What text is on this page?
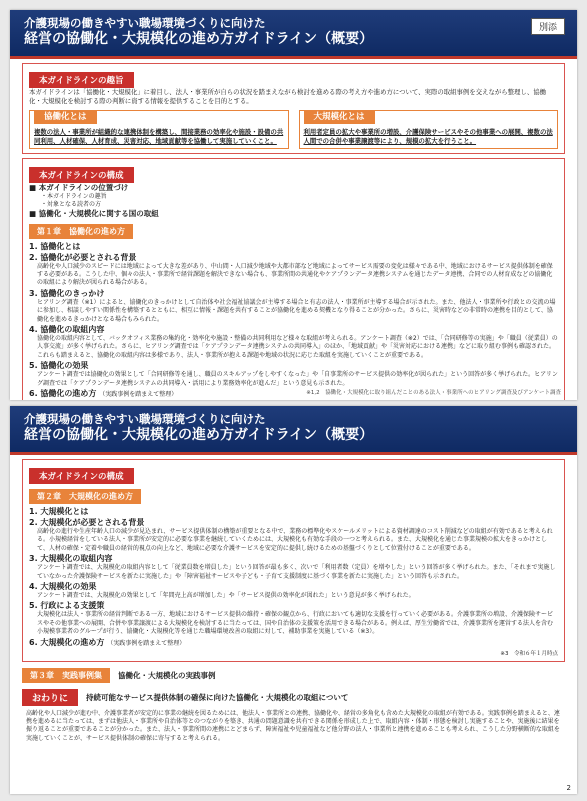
介護現場の働きやすい職場環境づくりに向けた
経営の協働化・大規模化の進め方ガイドライン（概要）
別添
本ガイドラインの趣旨
本ガイドラインは「協働化・大規模化」に着目し、法人・事業所が自らの状況を踏まえながら検討を進める際の考え方や進め方について、実際の取組事例を交えながら整理し、協働化・大規模化を検討する際の判断に資する情報を提供することを目的とする。
協働化とは
複数の法人・事業所が組織的な連携体制を構築し、間接業務の効率化や施設・設備の共同利用、人材確保、人材育成、災害対応、地域貢献等を協働して実施していくこと。
大規模化とは
利用者定員の拡大や事業所の増設、介護保険サービスやその他事業への展開、複数の法人間での合併や事業譲渡等により、規模の拡大を行うこと。
本ガイドラインの構成
■ 本ガイドラインの位置づけ
・本ガイドラインの趣旨
・対象となる読者の方
■ 協働化・大規模化に関する国の取組
第１章　協働化の進め方
1. 協働化とは
2. 協働化が必要とされる背景
高齢化や人口減少のスピードには地域によって大きな差があり、中山間・人口減少地域や大都市部など地域によってサービス需要の変化は様々である中、地域におけるサービス提供体制を確保する必要がある。こうした中、個々の法人・事業所で経営課題を解決できない場合も、事業所間の共通化やケアプランデータ連携システムを通じたデータ連携、合同での人材育成などの協働化の取組により解決が図られる場合がある。
3. 協働化のきっかけ
ヒアリング調査（※1）によると、協働化のきっかけとして自治体や社会福祉協議会が主導する場合と有志の法人・事業所が主導する場合が示された。また、他法人・事業所や行政との交流の場に参加し、相談しやすい関係性を構築するとともに、相互に情報・課題を共有することが協働化を進める契機となり得ることが分かった。さらに、災害時などの非常時の連携を目的として、協働化を進めるきっかけとなる場合もみられた。
4. 協働化の取組内容
協働化の取組内容として、バックオフィス業務の集約化・効率化や施設・整備の共同利用など様々な取組が考えられる。アンケート調査（※2）では、「合同研修等の実施」や「職員（従業員）の人事交流」が多く挙げられた。さらに、ヒアリング調査では「ケアプランデータ連携システムの共同導入」のほか、「地域貢献」や「災害対応における連携」などに取り組む事例も確認された。これらも踏まえると、協働化の取組内容は多様であり、法人・事業所が抱える課題や地域の状況に応じた取組を実施していくことが重要である。
5. 協働化の効果
アンケート調査では協働化の効果として「合同研修等を通し、職員のスキルアップをしやすくなった」や「自事業所のサービス提供の効率化が図られた」という回答が多く挙げられた。ヒアリング調査では「ケアプランデータ連携システムの共同導入・活用により業務効率化が進んだ」という意見も示された。
6. 協働化の進め方 （実践事例を踏まえて整理）	※1,2　協働化・大規模化に取り組んだことのある法人・事業所へのヒアリング調査及びアンケート調査
介護現場の働きやすい職場環境づくりに向けた
経営の協働化・大規模化の進め方ガイドライン（概要）
本ガイドラインの構成
第２章　大規模化の進め方
1. 大規模化とは
2. 大規模化が必要とされる背景
高齢化の進行や生産年齢人口の減少が見込まれ、サービス提供体制の構築が重要となる中で、業務の標準化やスケールメリットによる資材調達のコスト削減などの取組が有効であると考えられる。小規模経営をしている法人・事業所が安定的に必要な事業を継続していくためには、大規模化も有効な手段の一つと考えられる。また、大規模化を通じた事業規模の拡大をきっかけとして、人材の確保・定着や職員の経営的視点の向上など、地域に必要な介護サービスを安定的に提供し続けるための基盤づくりとして位置付けることが重要である。
3. 大規模化の取組内容
アンケート調査では、大規模化の取組内容として「従業員数を増員した」という回答が最も多く、次いで「利用者数（定員）を増やした」という回答が多く挙げられた。また、「それまで実施していなかった介護保険サービスを新たに実施した」や「障害福祉サービスや子ども・子育て支援制度に基づく事業を新たに実施した」という回答も示された。
4. 大規模化の効果
アンケート調査では、大規模化の効果として「年間売上高が増加した」や「サービス提供の効率化が図れた」という意見が多く挙げられた。
5. 行政による支援策
大規模化は法人・事業所の経営判断である一方、地域におけるサービス提供の維持・確保の観点から、行政においても適切な支援を行っていく必要がある。介護事業所の増設、介護保険サービスやその他事業への展開、合併や事業譲渡による大規模化を検討するに当たっては、国や自治体の支援策を活用できる場合がある。例えば、厚生労働省では、介護事業所を運営する法人を含む小規模事業者のグループが行う、協働化・大規模化等を通じた職場環境改善の取組に対して、補助事業を実施している（※3）。
6. 大規模化の進め方 （実践事例を踏まえて整理）
※3　令和６年１月時点
第３章　実践事例集	協働化・大規模化の実践事例
おわりに	持続可能なサービス提供体制の確保に向けた協働化・大規模化の取組について
高齢化や人口減少が進む中、介護事業者が安定的に事業の継続を図るためには、他法人・事業所との連携、協働化や、経営の多角化も含めた大規模化の取組が有効である。実践事例を踏まえると、連携を進めるに当たっては、まずは他法人・事業所や自治体等とのつながりを築き、共通の問題意識を共有できる関係を形成した上で、取組内容・体制・形態を検討し実施することや、実施後に結果を振り返ることが重要であることが分かった。また、法人・事業所間の連携にとどまらず、障害福祉や児童福祉など他分野の法人・事業所と連携を進めることも考えられ、こうした分野横断的な取組を実施していくことが、サービス提供体制の確保に寄与すると考えられる。
2
